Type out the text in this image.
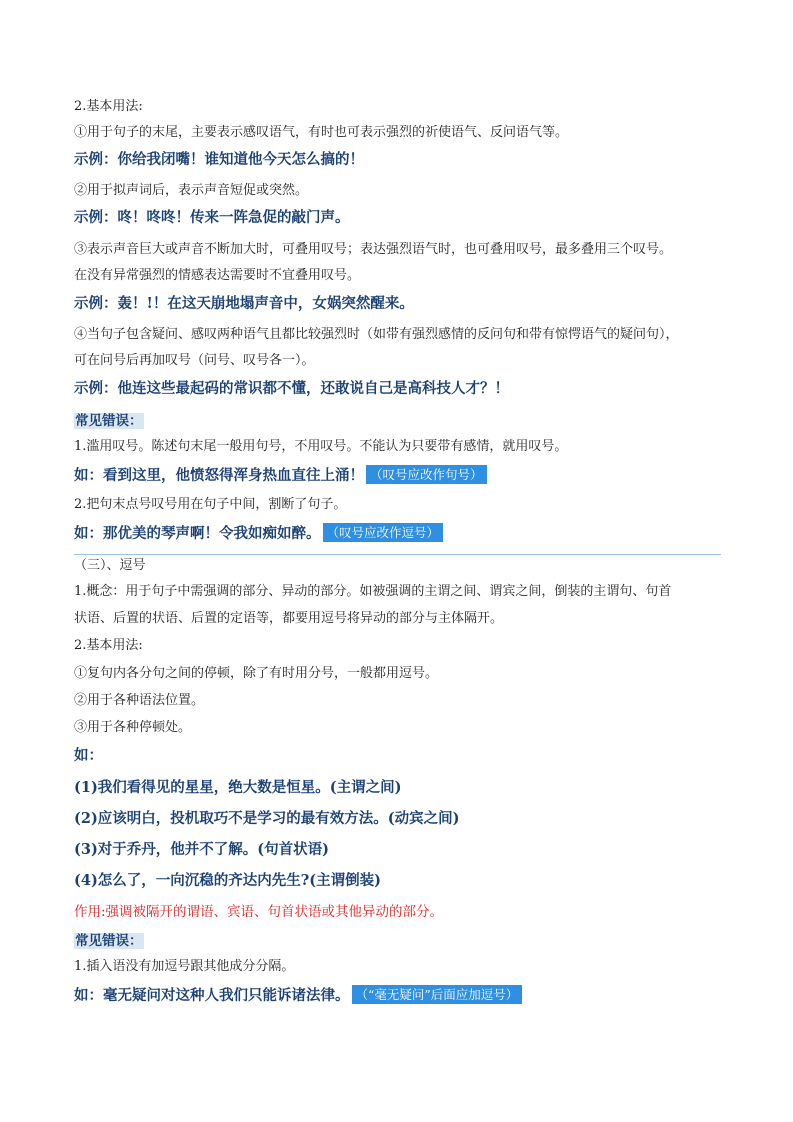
2.基本用法:
①用于句子的末尾，主要表示感叹语气，有时也可表示强烈的祈使语气、反问语气等。
示例：你给我闭嘴！谁知道他今天怎么搞的！
②用于拟声词后，表示声音短促或突然。
示例：咚！咚咚！传来一阵急促的敲门声。
③表示声音巨大或声音不断加大时，可叠用叹号；表达强烈语气时，也可叠用叹号，最多叠用三个叹号。
在没有异常强烈的情感表达需要时不宜叠用叹号。
示例：轰！!！在这天崩地塌声音中，女娲突然醒来。
④当句子包含疑问、感叹两种语气且都比较强烈时（如带有强烈感情的反问句和带有惊愕语气的疑问句），
可在问号后再加叹号（问号、叹号各一）。
示例：他连这些最起码的常识都不懂，还敢说自己是高科技人才？！
常见错误：
1.滥用叹号。陈述句末尾一般用句号，不用叹号。不能认为只要带有感情，就用叹号。
如：看到这里，他愤怒得浑身热血直往上涌！ （叹号应改作句号）
2.把句末点号叹号用在句子中间，割断了句子。
如：那优美的琴声啊！令我如痴如醉。 （叹号应改作逗号）
（三）、逗号
1.概念：用于句子中需强调的部分、异动的部分。如被强调的主谓之间、谓宾之间，倒装的主谓句、句首
状语、后置的状语、后置的定语等，都要用逗号将异动的部分与主体隔开。
2.基本用法:
①复句内各分句之间的停顿，除了有时用分号，一般都用逗号。
②用于各种语法位置。
③用于各种停顿处。
如：
(1)我们看得见的星星，绝大数是恒星。(主谓之间)
(2)应该明白，投机取巧不是学习的最有效方法。(动宾之间)
(3)对于乔丹，他并不了解。(句首状语)
(4)怎么了，一向沉稳的齐达内先生?(主谓倒装)
作用:强调被隔开的谓语、宾语、句首状语或其他异动的部分。
常见错误：
1.插入语没有加逗号跟其他成分分隔。
如：毫无疑问对这种人我们只能诉诸法律。 （“毫无疑问”后面应加逗号）
